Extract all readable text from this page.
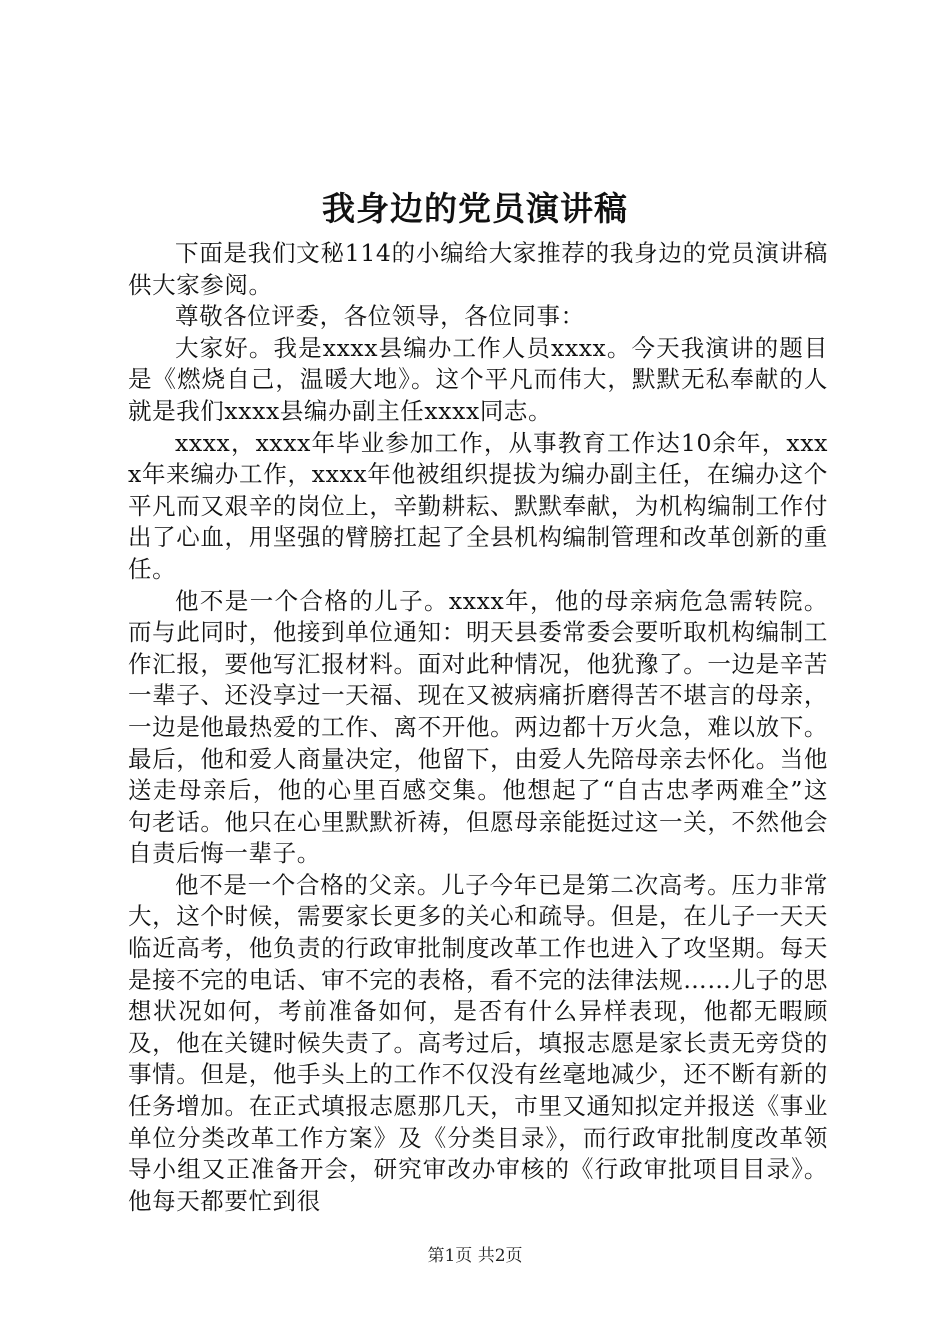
我身边的党员演讲稿

下面是我们文秘114的小编给大家推荐的我身边的党员演讲稿供大家参阅。

尊敬各位评委，各位领导，各位同事：

大家好。我是xxxx县编办工作人员xxxx。今天我演讲的题目是《燃烧自己，温暖大地》。这个平凡而伟大，默默无私奉献的人就是我们xxxx县编办副主任xxxx同志。

xxxx，xxxx年毕业参加工作，从事教育工作达10余年，xxxx年来编办工作，xxxx年他被组织提拔为编办副主任，在编办这个平凡而又艰辛的岗位上，辛勤耕耘、默默奉献，为机构编制工作付出了心血，用坚强的臂膀扛起了全县机构编制管理和改革创新的重任。

他不是一个合格的儿子。xxxx年，他的母亲病危急需转院。而与此同时，他接到单位通知：明天县委常委会要听取机构编制工作汇报，要他写汇报材料。面对此种情况，他犹豫了。一边是辛苦一辈子、还没享过一天福、现在又被病痛折磨得苦不堪言的母亲，一边是他最热爱的工作、离不开他。两边都十万火急，难以放下。最后，他和爱人商量决定，他留下，由爱人先陪母亲去怀化。当他送走母亲后，他的心里百感交集。他想起了“自古忠孝两难全”这句老话。他只在心里默默祈祷，但愿母亲能挺过这一关，不然他会自责后悔一辈子。

他不是一个合格的父亲。儿子今年已是第二次高考。压力非常大，这个时候，需要家长更多的关心和疏导。但是，在儿子一天天临近高考，他负责的行政审批制度改革工作也进入了攻坚期。每天是接不完的电话、审不完的表格，看不完的法律法规……儿子的思想状况如何，考前准备如何，是否有什么异样表现，他都无暇顾及，他在关键时候失责了。高考过后，填报志愿是家长责无旁贷的事情。但是，他手头上的工作不仅没有丝毫地减少，还不断有新的任务增加。在正式填报志愿那几天，市里又通知拟定并报送《事业单位分类改革工作方案》及《分类目录》，而行政审批制度改革领导小组又正准备开会，研究审改办审核的《行政审批项目目录》。他每天都要忙到很

第1页 共2页
